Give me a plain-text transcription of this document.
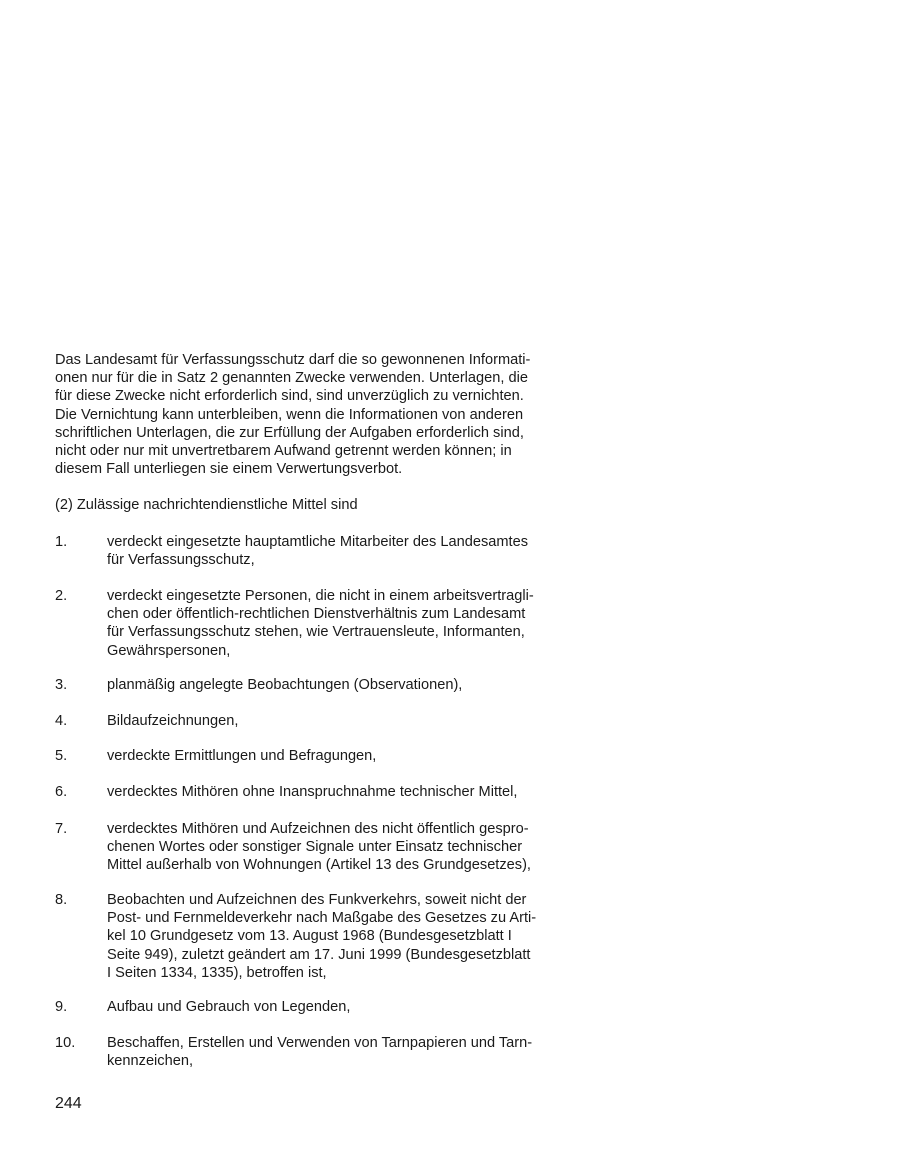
Das Landesamt für Verfassungsschutz darf die so gewonnenen Informati-
onen nur für die in Satz 2 genannten Zwecke verwenden. Unterlagen, die
für diese Zwecke nicht erforderlich sind, sind unverzüglich zu vernichten.
Die Vernichtung kann unterbleiben, wenn die Informationen von anderen
schriftlichen Unterlagen, die zur Erfüllung der Aufgaben erforderlich sind,
nicht oder nur mit unvertretbarem Aufwand getrennt werden können; in
diesem Fall unterliegen sie einem Verwertungsverbot.

(2) Zulässige nachrichtendienstliche Mittel sind

1.	verdeckt eingesetzte hauptamtliche Mitarbeiter des Landesamtes
für Verfassungsschutz,
2.	verdeckt eingesetzte Personen, die nicht in einem arbeitsvertragli-
chen oder öffentlich-rechtlichen Dienstverhältnis zum Landesamt
für Verfassungsschutz stehen, wie Vertrauensleute, Informanten,
Gewährspersonen,
3.	planmäßig angelegte Beobachtungen (Observationen),
4.	Bildaufzeichnungen,
5.	verdeckte Ermittlungen und Befragungen,
6.	verdecktes Mithören ohne Inanspruchnahme technischer Mittel,
7.	verdecktes Mithören und Aufzeichnen des nicht öffentlich gespro-
chenen Wortes oder sonstiger Signale unter Einsatz technischer
Mittel außerhalb von Wohnungen (Artikel 13 des Grundgesetzes),
8.	Beobachten und Aufzeichnen des Funkverkehrs, soweit nicht der
Post- und Fernmeldeverkehr nach Maßgabe des Gesetzes zu Arti-
kel 10 Grundgesetz vom 13. August 1968 (Bundesgesetzblatt I
Seite 949), zuletzt geändert am 17. Juni 1999 (Bundesgesetzblatt
I Seiten 1334, 1335), betroffen ist,
9.	Aufbau und Gebrauch von Legenden,
10. Beschaffen, Erstellen und Verwenden von Tarnpapieren und Tarn-
kennzeichen,
244
